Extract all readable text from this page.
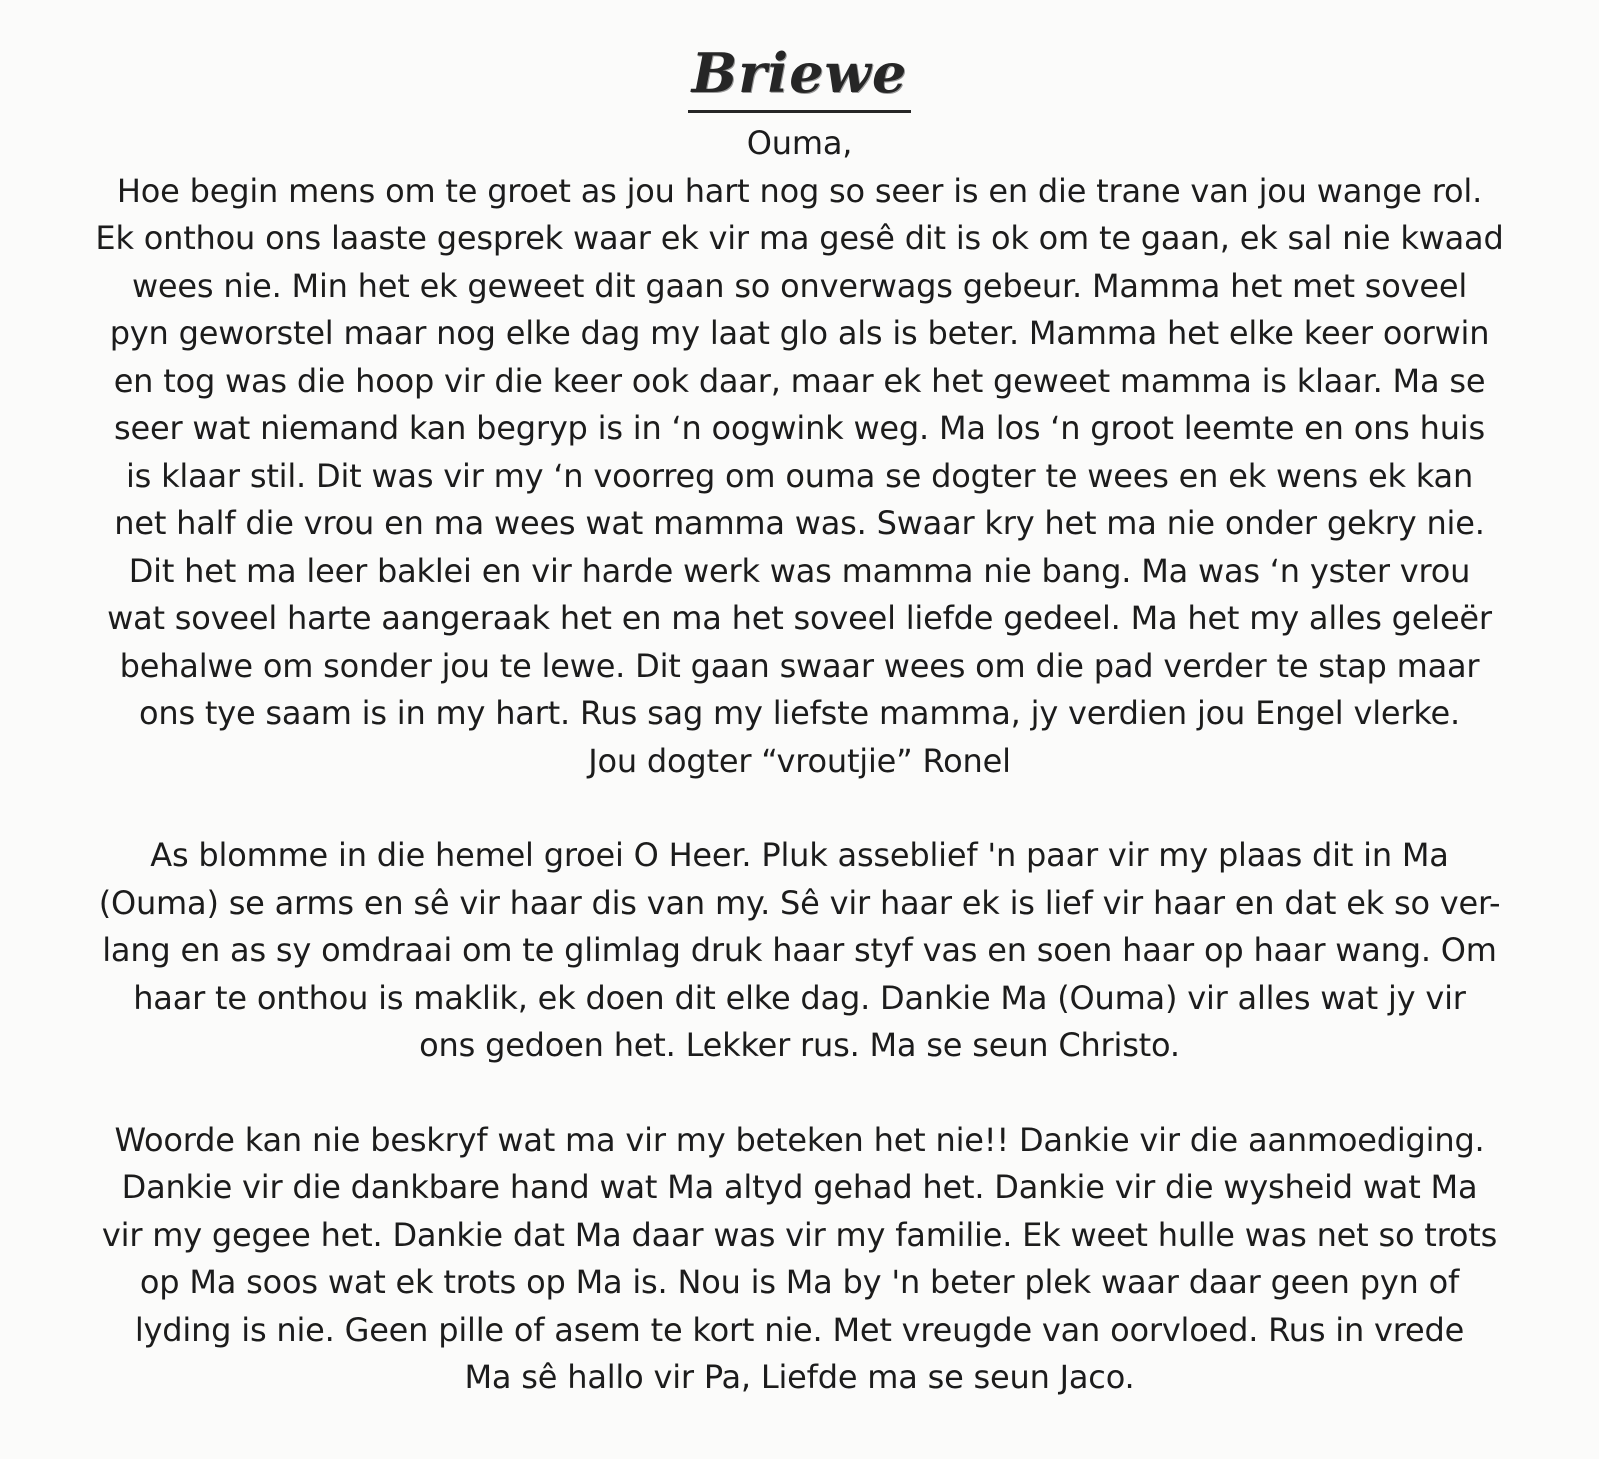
Briewe
Ouma,
Hoe begin mens om te groet as jou hart nog so seer is en die trane van jou wange rol.
Ek onthou ons laaste gesprek waar ek vir ma gesê dit is ok om te gaan, ek sal nie kwaad
wees nie. Min het ek geweet dit gaan so onverwags gebeur. Mamma het met soveel
pyn geworstel maar nog elke dag my laat glo als is beter. Mamma het elke keer oorwin
en tog was die hoop vir die keer ook daar, maar ek het geweet mamma is klaar. Ma se
seer wat niemand kan begryp is in ‘n oogwink weg. Ma los ‘n groot leemte en ons huis
is klaar stil. Dit was vir my ‘n voorreg om ouma se dogter te wees en ek wens ek kan
net half die vrou en ma wees wat mamma was. Swaar kry het ma nie onder gekry nie.
Dit het ma leer baklei en vir harde werk was mamma nie bang. Ma was ‘n yster vrou
wat soveel harte aangeraak het en ma het soveel liefde gedeel. Ma het my alles geleër
behalwe om sonder jou te lewe. Dit gaan swaar wees om die pad verder te stap maar
ons tye saam is in my hart. Rus sag my liefste mamma, jy verdien jou Engel vlerke.
Jou dogter “vroutjie” Ronel
As blomme in die hemel groei O Heer. Pluk asseblief 'n paar vir my plaas dit in Ma
(Ouma) se arms en sê vir haar dis van my. Sê vir haar ek is lief vir haar en dat ek so ver-
lang en as sy omdraai om te glimlag druk haar styf vas en soen haar op haar wang. Om
haar te onthou is maklik, ek doen dit elke dag. Dankie Ma (Ouma) vir alles wat jy vir
ons gedoen het. Lekker rus. Ma se seun Christo.
Woorde kan nie beskryf wat ma vir my beteken het nie!! Dankie vir die aanmoediging.
Dankie vir die dankbare hand wat Ma altyd gehad het. Dankie vir die wysheid wat Ma
vir my gegee het. Dankie dat Ma daar was vir my familie. Ek weet hulle was net so trots
op Ma soos wat ek trots op Ma is. Nou is Ma by 'n beter plek waar daar geen pyn of
lyding is nie. Geen pille of asem te kort nie. Met vreugde van oorvloed. Rus in vrede
Ma sê hallo vir Pa, Liefde ma se seun Jaco.
